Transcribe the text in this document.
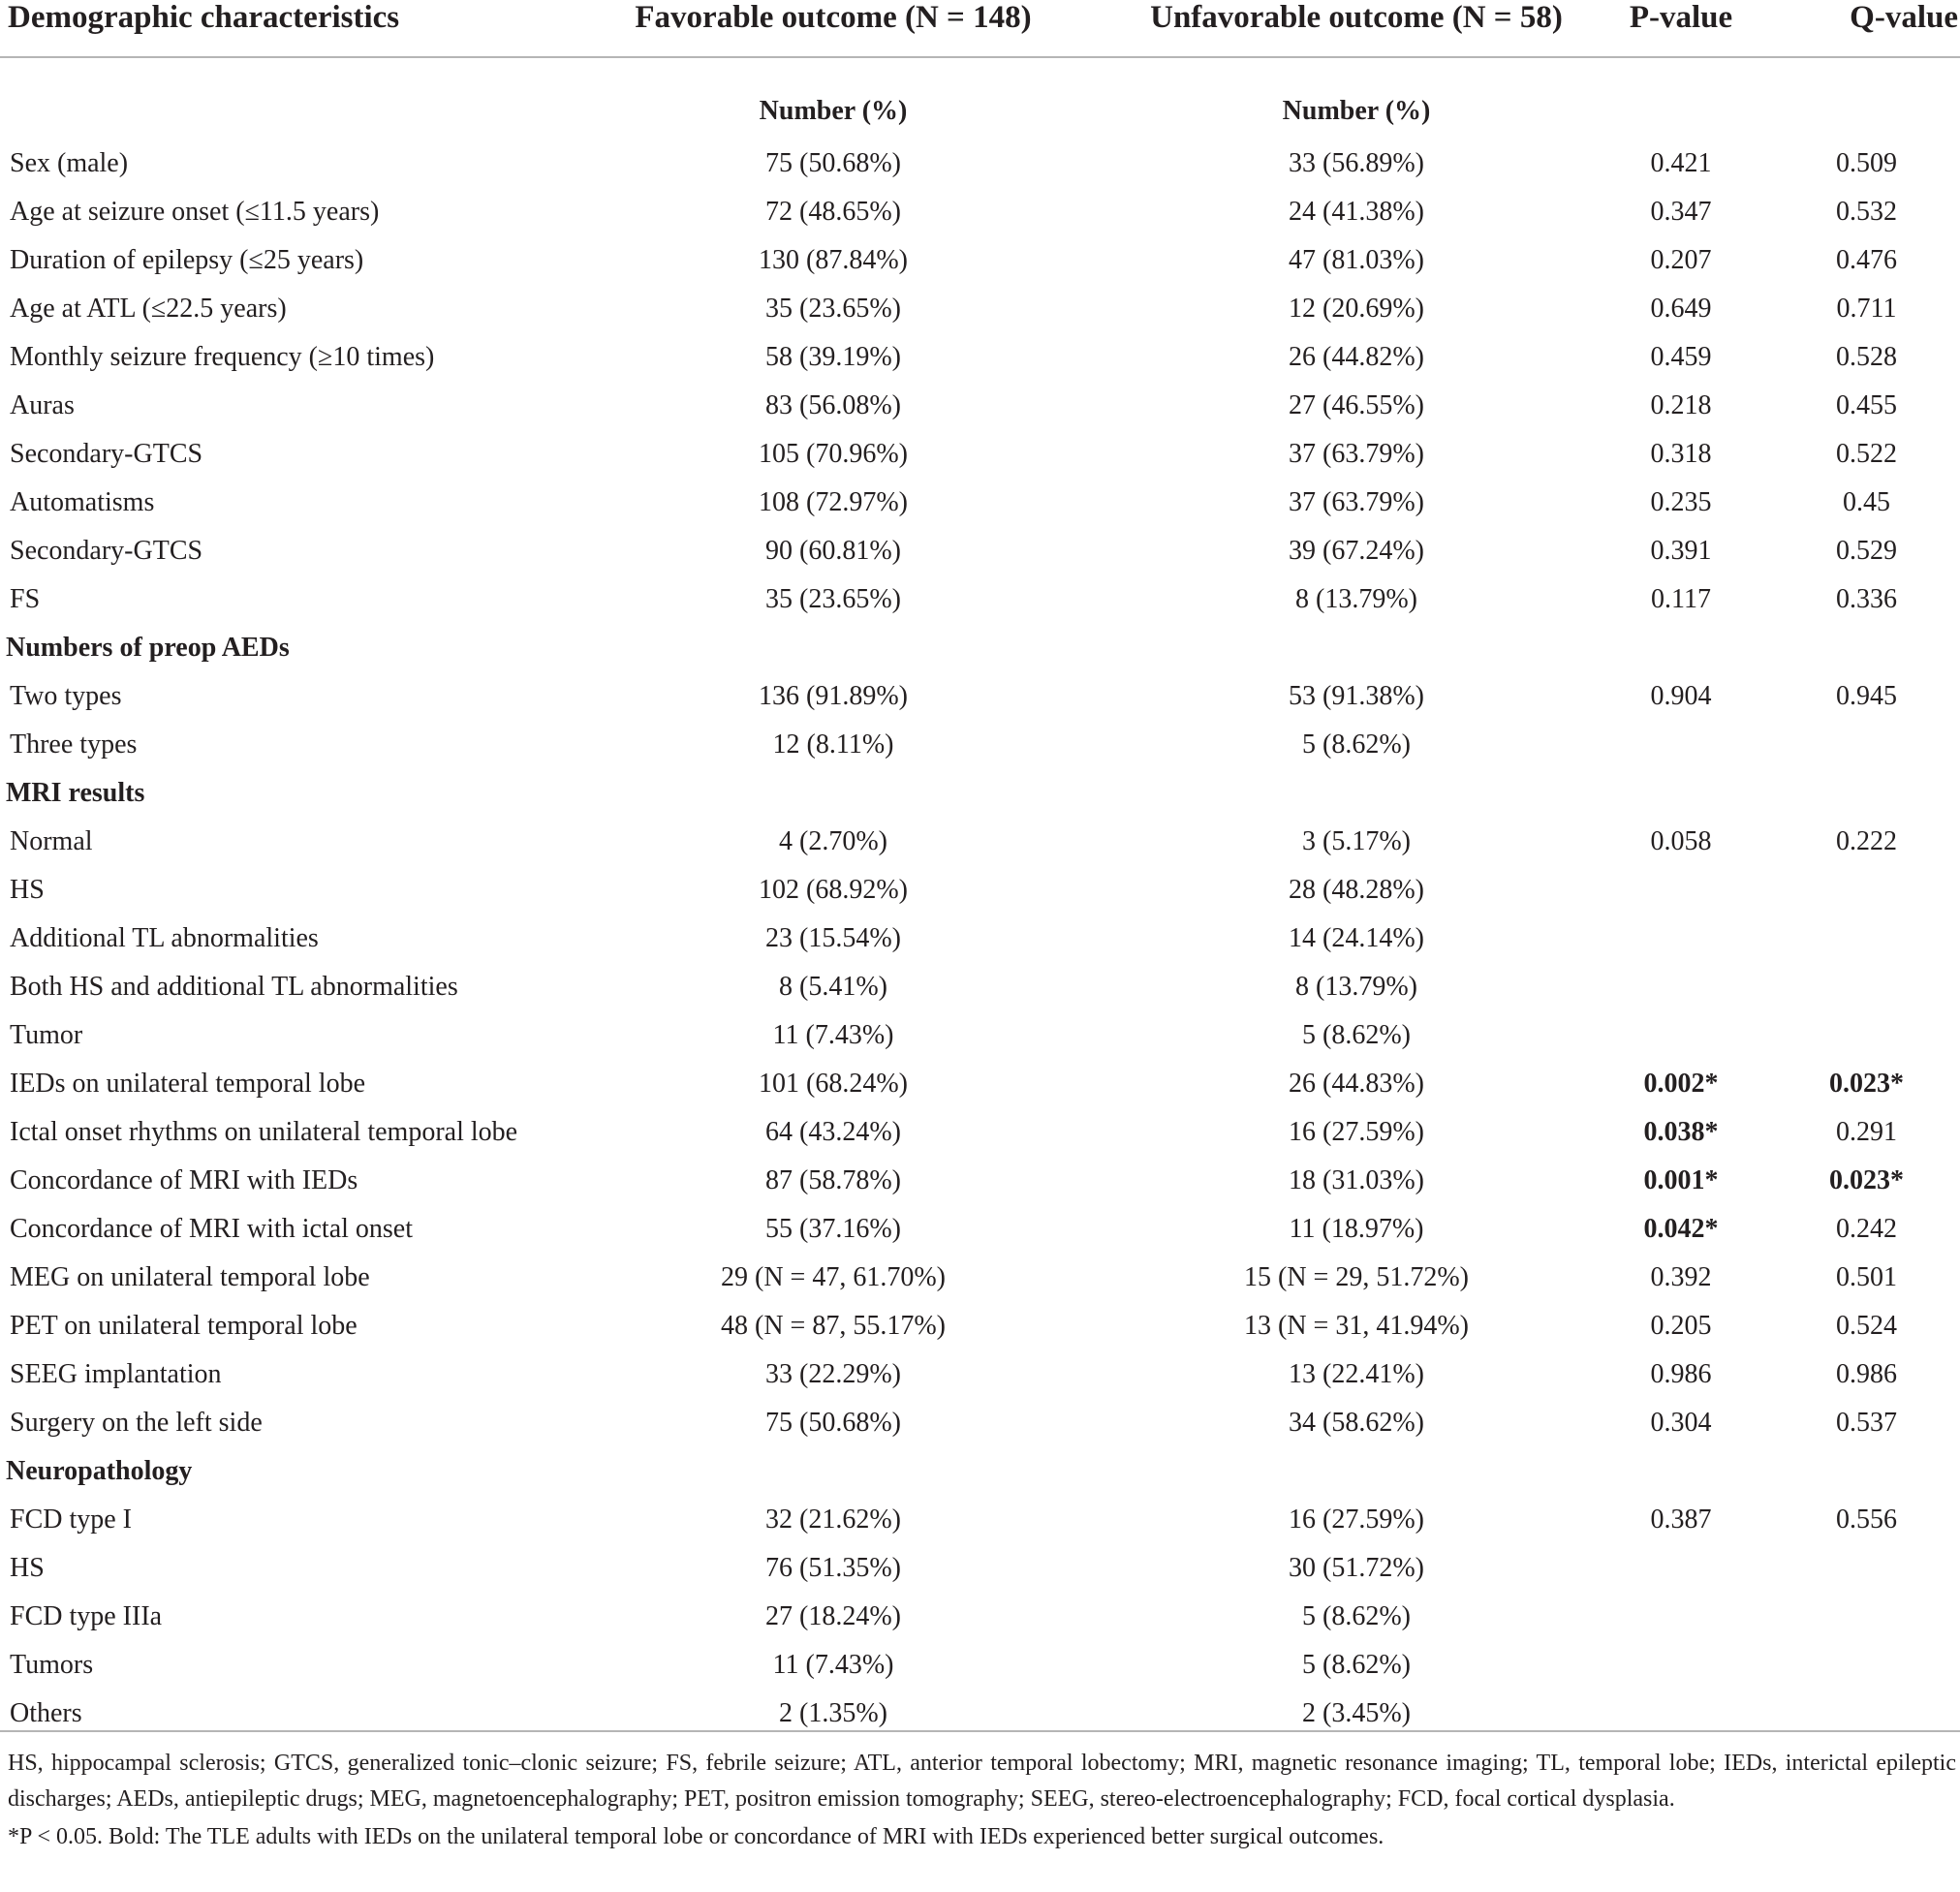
Demographic characteristics	Favorable outcome (N = 148)	Unfavorable outcome (N = 58)	P-value	Q-value
	Number (%)	Number (%)		
Sex (male)	75 (50.68%)	33 (56.89%)	0.421	0.509
Age at seizure onset (≤11.5 years)	72 (48.65%)	24 (41.38%)	0.347	0.532
Duration of epilepsy (≤25 years)	130 (87.84%)	47 (81.03%)	0.207	0.476
Age at ATL (≤22.5 years)	35 (23.65%)	12 (20.69%)	0.649	0.711
Monthly seizure frequency (≥10 times)	58 (39.19%)	26 (44.82%)	0.459	0.528
Auras	83 (56.08%)	27 (46.55%)	0.218	0.455
Secondary-GTCS	105 (70.96%)	37 (63.79%)	0.318	0.522
Automatisms	108 (72.97%)	37 (63.79%)	0.235	0.45
Secondary-GTCS	90 (60.81%)	39 (67.24%)	0.391	0.529
FS	35 (23.65%)	8 (13.79%)	0.117	0.336
Numbers of preop AEDs				
Two types	136 (91.89%)	53 (91.38%)	0.904	0.945
Three types	12 (8.11%)	5 (8.62%)		
MRI results				
Normal	4 (2.70%)	3 (5.17%)	0.058	0.222
HS	102 (68.92%)	28 (48.28%)		
Additional TL abnormalities	23 (15.54%)	14 (24.14%)		
Both HS and additional TL abnormalities	8 (5.41%)	8 (13.79%)		
Tumor	11 (7.43%)	5 (8.62%)		
IEDs on unilateral temporal lobe	101 (68.24%)	26 (44.83%)	0.002*	0.023*
Ictal onset rhythms on unilateral temporal lobe	64 (43.24%)	16 (27.59%)	0.038*	0.291
Concordance of MRI with IEDs	87 (58.78%)	18 (31.03%)	0.001*	0.023*
Concordance of MRI with ictal onset	55 (37.16%)	11 (18.97%)	0.042*	0.242
MEG on unilateral temporal lobe	29 (N = 47, 61.70%)	15 (N = 29, 51.72%)	0.392	0.501
PET on unilateral temporal lobe	48 (N = 87, 55.17%)	13 (N = 31, 41.94%)	0.205	0.524
SEEG implantation	33 (22.29%)	13 (22.41%)	0.986	0.986
Surgery on the left side	75 (50.68%)	34 (58.62%)	0.304	0.537
Neuropathology				
FCD type I	32 (21.62%)	16 (27.59%)	0.387	0.556
HS	76 (51.35%)	30 (51.72%)		
FCD type IIIa	27 (18.24%)	5 (8.62%)		
Tumors	11 (7.43%)	5 (8.62%)		
Others	2 (1.35%)	2 (3.45%)		

HS, hippocampal sclerosis; GTCS, generalized tonic–clonic seizure; FS, febrile seizure; ATL, anterior temporal lobectomy; MRI, magnetic resonance imaging; TL, temporal lobe; IEDs, interictal epileptic discharges; AEDs, antiepileptic drugs; MEG, magnetoencephalography; PET, positron emission tomography; SEEG, stereo-electroencephalography; FCD, focal cortical dysplasia.

*P < 0.05. Bold: The TLE adults with IEDs on the unilateral temporal lobe or concordance of MRI with IEDs experienced better surgical outcomes.
